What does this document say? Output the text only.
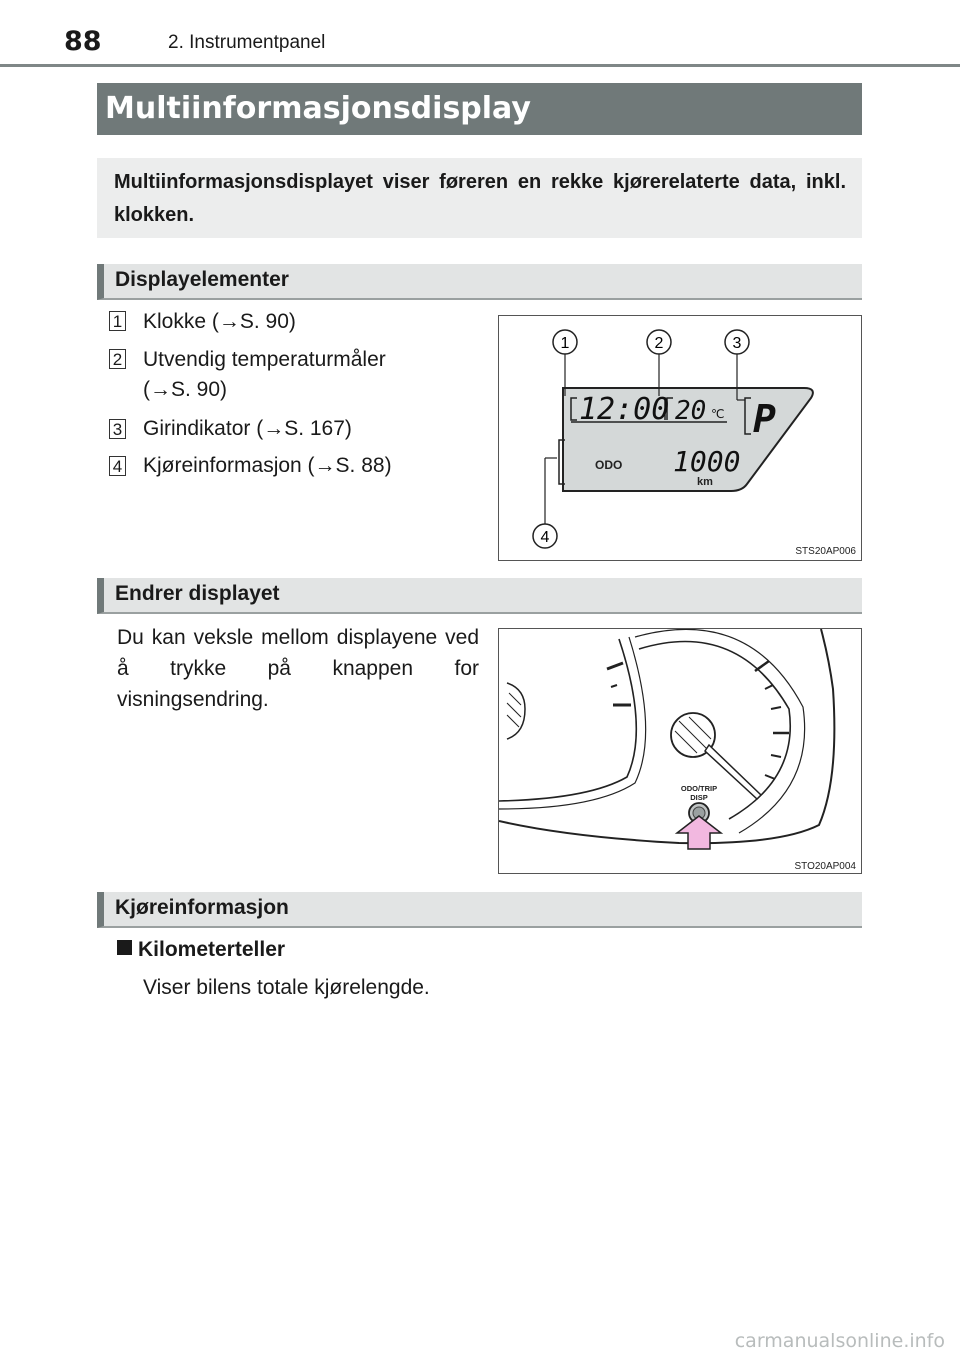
88	2. Instrumentpanel
Multiinformasjonsdisplay
Multiinformasjonsdisplayet viser føreren en rekke kjørerelaterte data, inkl. klokken.
Displayelementer
1 Klokke (→S. 90)
2 Utvendig temperaturmåler
(→S. 90)
3 Girindikator (→S. 167)
4 Kjøreinformasjon (→S. 88)
1	2	3
4
12:00 20 ℃ P
ODO 1000
km
STS20AP006
Endrer displayet
Du kan veksle mellom displayene ved å trykke på knappen for visningsendring.
ODO/TRIP
DISP
STO20AP004
Kjøreinformasjon
Kilometerteller
Viser bilens totale kjørelengde.
carmanualsonline.info
